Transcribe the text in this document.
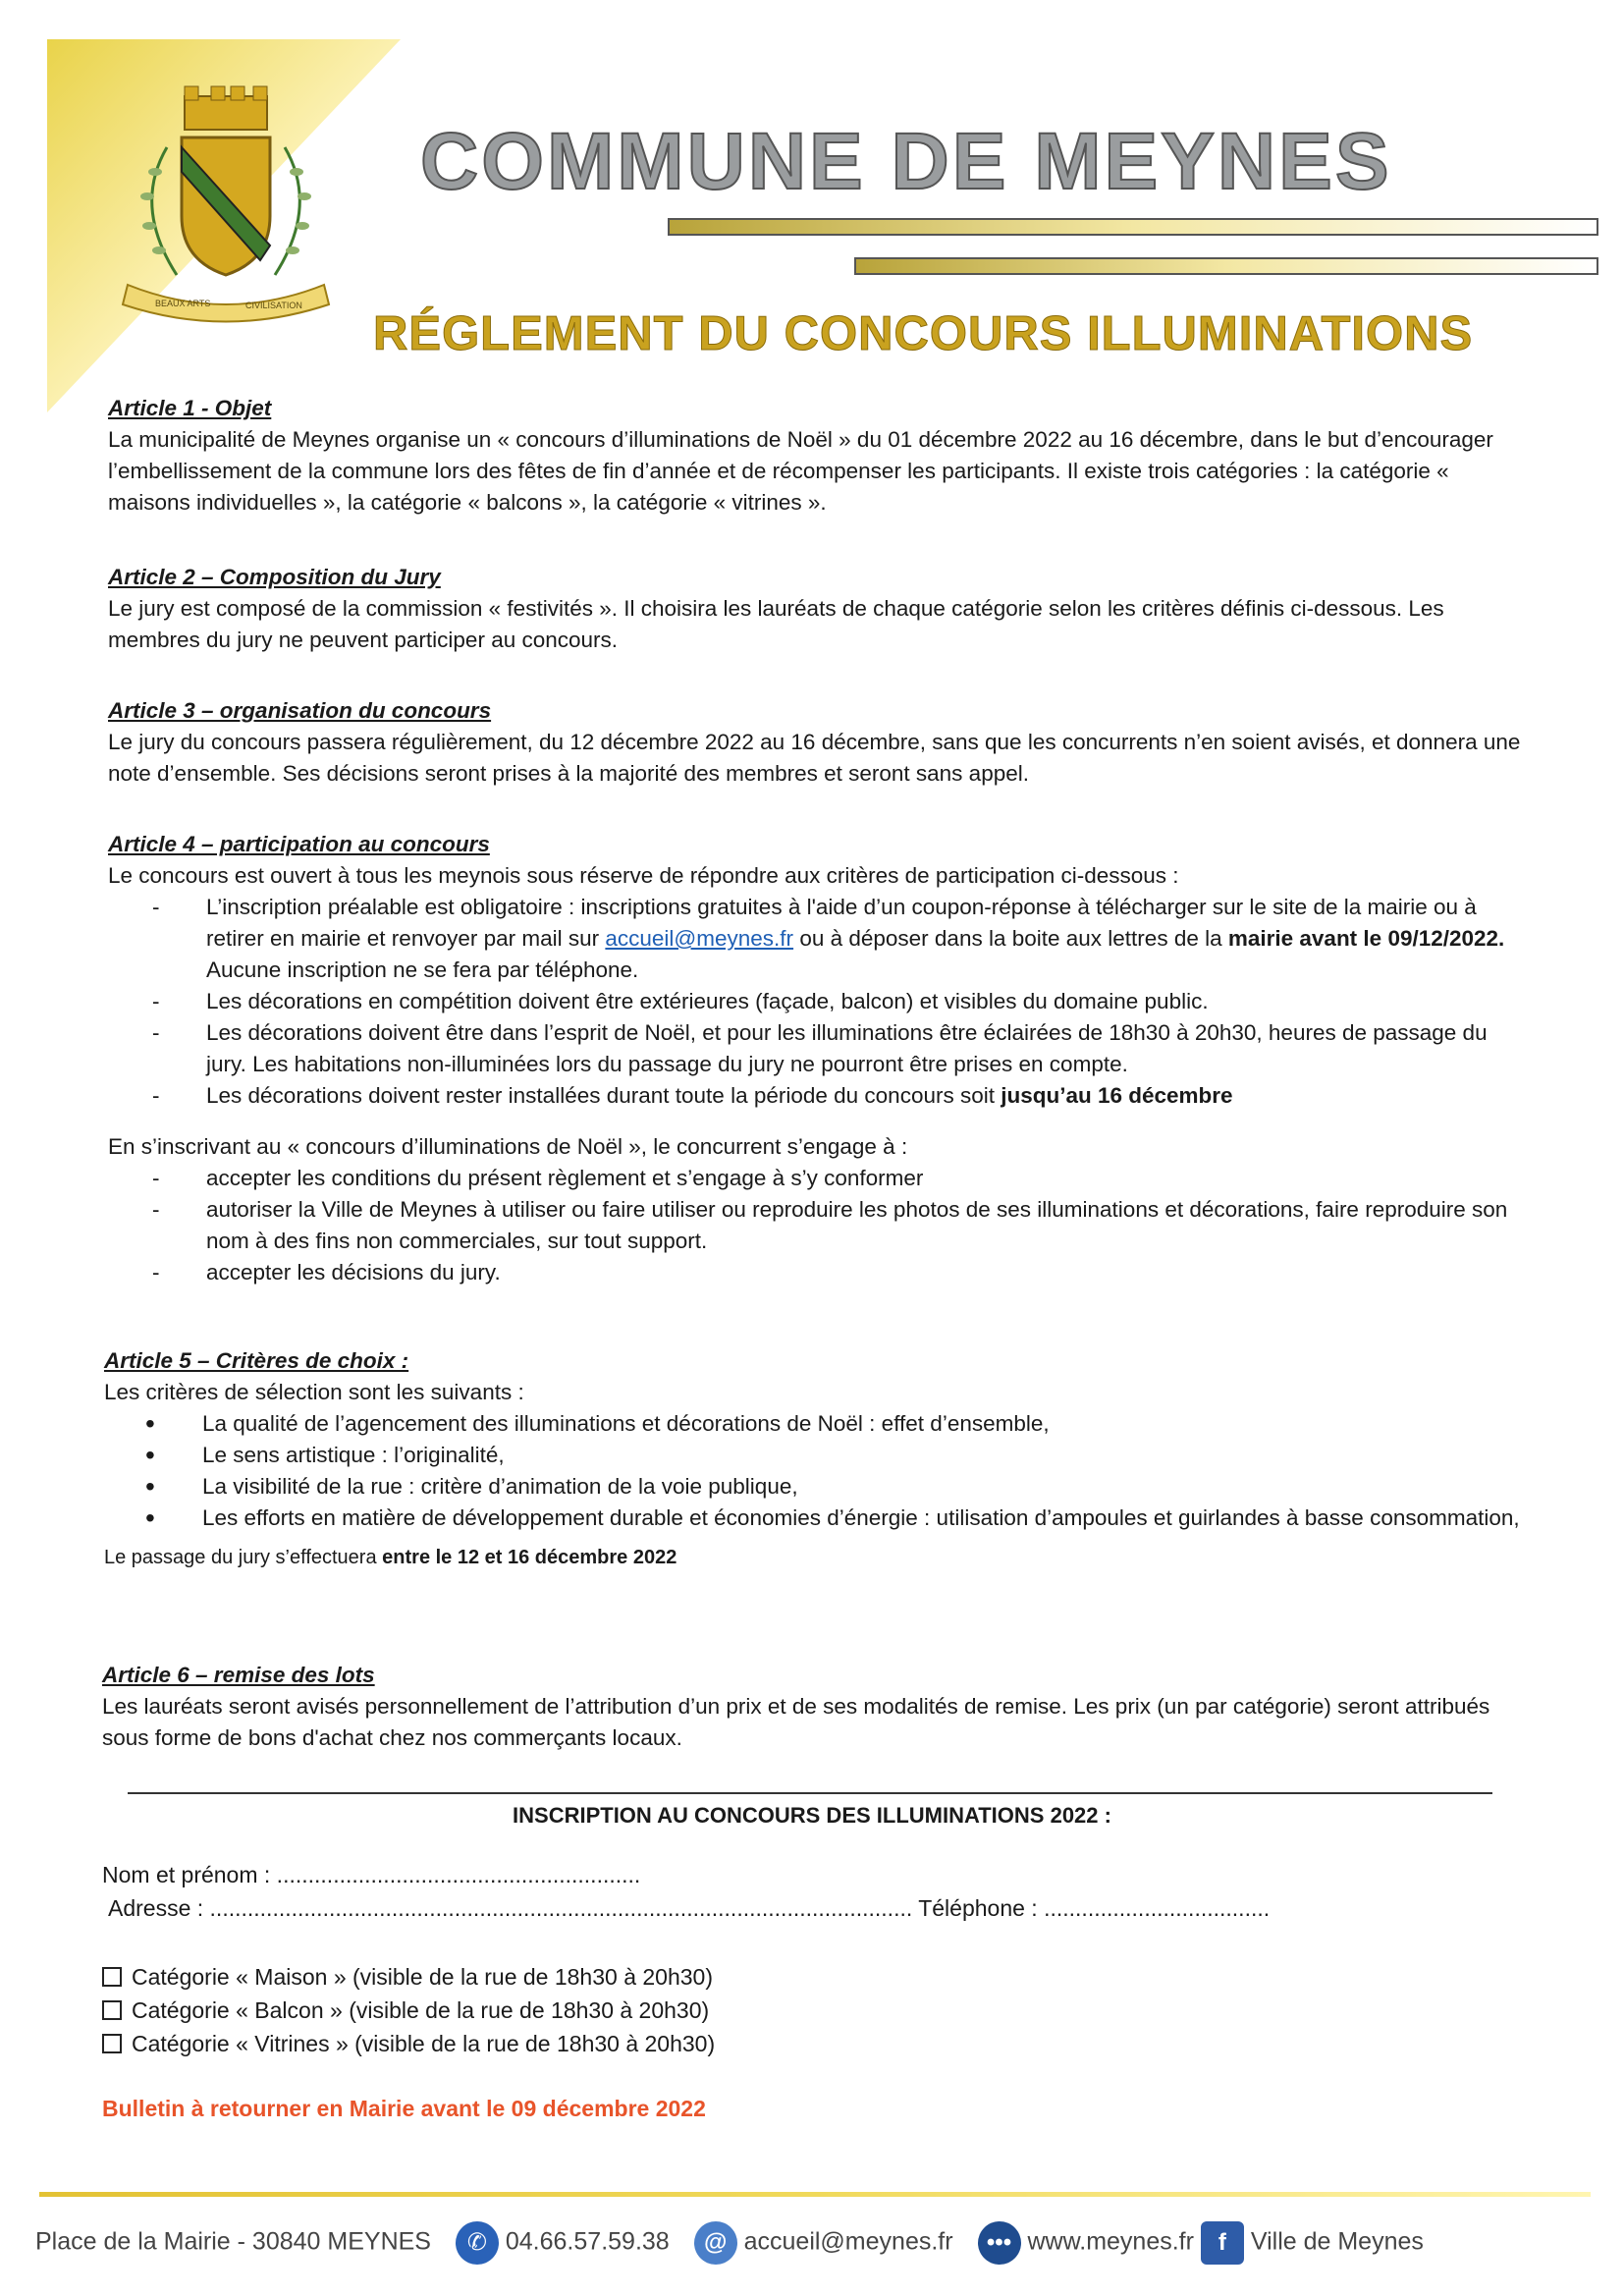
BEAUX ARTS	CIVILISATION
COMMUNE DE MEYNES
RÉGLEMENT DU CONCOURS ILLUMINATIONS

Article 1 - Objet

La municipalité de Meynes organise un « concours d’illuminations de Noël » du 01 décembre 2022 au 16 décembre, dans le but d’encourager l’embellissement de la commune lors des fêtes de fin d’année et de récompenser les participants. Il existe trois catégories : la catégorie « maisons individuelles », la catégorie « balcons », la catégorie « vitrines ».

Article 2 – Composition du Jury

Le jury est composé de la commission « festivités ». Il choisira les lauréats de chaque catégorie selon les critères définis ci-dessous. Les membres du jury ne peuvent participer au concours.

Article 3 – organisation du concours

Le jury du concours passera régulièrement, du 12 décembre 2022 au 16 décembre, sans que les concurrents n’en soient avisés, et donnera une note d’ensemble. Ses décisions seront prises à la majorité des membres et seront sans appel.

Article 4 – participation au concours

Le concours est ouvert à tous les meynois sous réserve de répondre aux critères de participation ci-dessous :

- L’inscription préalable est obligatoire : inscriptions gratuites à l'aide d’un coupon-réponse à télécharger sur le site de la mairie ou à retirer en mairie et renvoyer par mail sur accueil@meynes.fr ou à déposer dans la boite aux lettres de la mairie avant le 09/12/2022. Aucune inscription ne se fera par téléphone.
- Les décorations en compétition doivent être extérieures (façade, balcon) et visibles du domaine public.
- Les décorations doivent être dans l’esprit de Noël, et pour les illuminations être éclairées de 18h30 à 20h30, heures de passage du jury. Les habitations non-illuminées lors du passage du jury ne pourront être prises en compte.
- Les décorations doivent rester installées durant toute la période du concours soit jusqu’au 16 décembre

En s’inscrivant au « concours d’illuminations de Noël », le concurrent s’engage à :

- accepter les conditions du présent règlement et s’engage à s’y conformer
- autoriser la Ville de Meynes à utiliser ou faire utiliser ou reproduire les photos de ses illuminations et décorations, faire reproduire son nom à des fins non commerciales, sur tout support.
- accepter les décisions du jury.

Article 5 – Critères de choix :

Les critères de sélection sont les suivants :

• La qualité de l’agencement des illuminations et décorations de Noël : effet d’ensemble,
• Le sens artistique : l’originalité,
• La visibilité de la rue : critère d’animation de la voie publique,
• Les efforts en matière de développement durable et économies d’énergie : utilisation d’ampoules et guirlandes à basse consommation,

Le passage du jury s’effectuera entre le 12 et 16 décembre 2022

Article 6 – remise des lots

Les lauréats seront avisés personnellement de l’attribution d’un prix et de ses modalités de remise. Les prix (un par catégorie) seront attribués sous forme de bons d'achat chez nos commerçants locaux.

INSCRIPTION AU CONCOURS DES ILLUMINATIONS 2022 :
Nom et prénom : ..........................................................
Adresse : ................................................................................................................ Téléphone : ....................................
Catégorie « Maison » (visible de la rue de 18h30 à 20h30)
Catégorie « Balcon » (visible de la rue de 18h30 à 20h30)
Catégorie « Vitrines » (visible de la rue de 18h30 à 20h30)
Bulletin à retourner en Mairie avant le 09 décembre 2022
Place de la Mairie - 30840 MEYNES ✆ 04.66.57.59.38 @ accueil@meynes.fr ••• www.meynes.fr f Ville de Meynes
